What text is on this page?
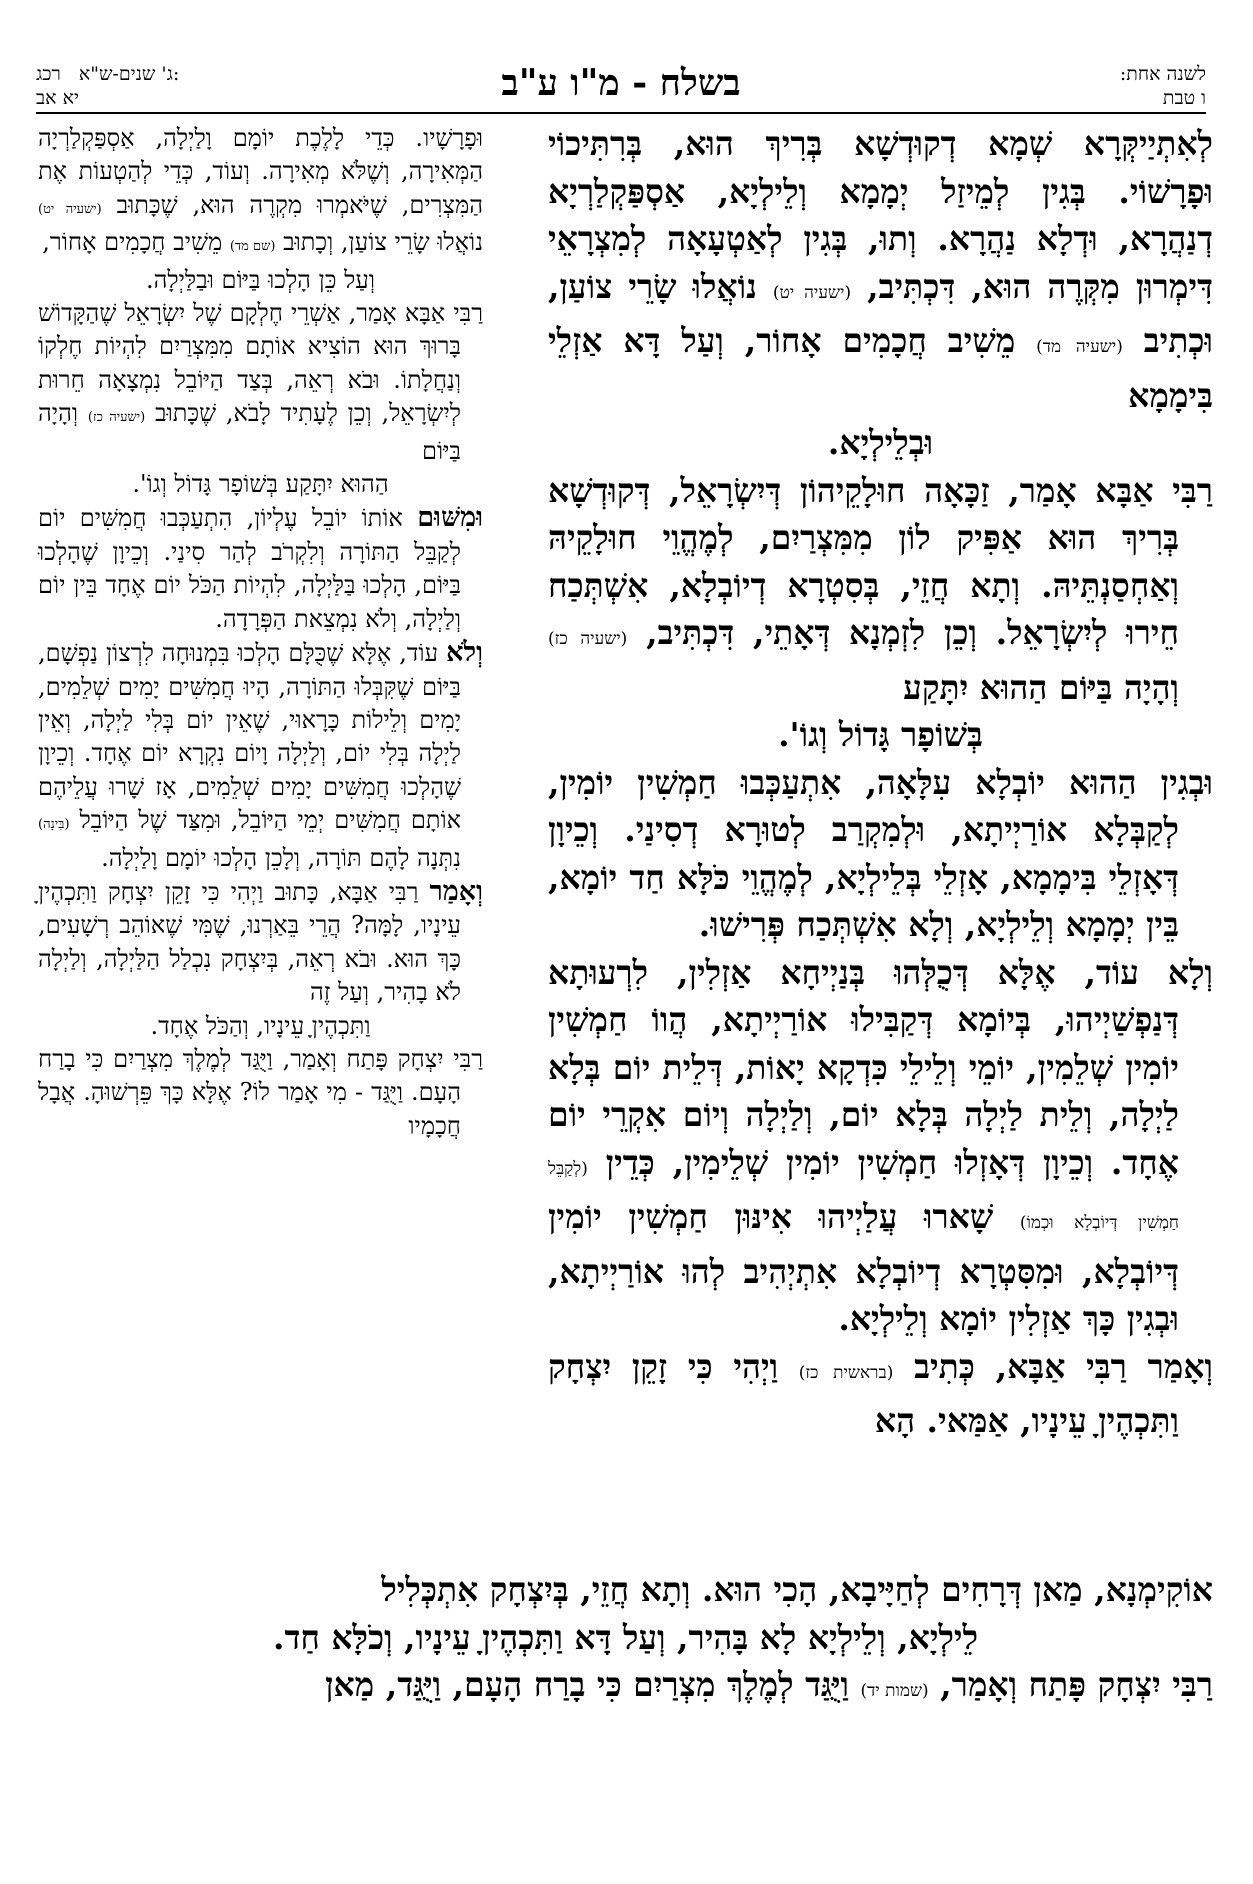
לשנה אחת:
ו טבת
בשלח - מ"ו ע"ב
רכג ג' שנים-ש"א:
יא אב

לְאִתְיַיקְּרָא שְׁמָא דְקוּדְשָׁא בְּרִיךְ הוּא, בְּרִתִּיכוֹי וּפָרָשׁוֹי. בְּגִין לְמֵיזַל יְמָמָא וְלֵילְיָא, אַסְפַּקְלַרְיָא דְנַהֲרָא, וּדְלָא נַהֲרָא. וְתוּ, בְּגִין לְאַטְעָאָה לְמִצְרָאֵי דִּימְרוּן מִקְּרֶה הוּא, דִּכְתִּיב, (ישעיה יט) נוֹאֲלוּ שָׂרֵי צוֹעַן, וּכְתִיב (ישעיה מד) מֵשִׁיב חֲכָמִים אָחוֹר, וְעַל דָּא אַזְלֵי בִּימָמָא

וּבְלֵילְיָא.

רַבִּי אַבָּא אָמַר, זַכָּאָה חוּלָקֵיהוֹן דְּיִשְׂרָאֵל, דְּקוּדְשָׁא בְּרִיךְ הוּא אַפִּיק לוֹן מִמִּצְרַיִם, לְמֶהֱוֵי חוּלָקֵיהּ וְאַחְסַנְתֵּיהּ. וְתָא חֲזֵי, בְּסִטְרָא דְיוֹבְלָא, אִשְׁתְּכַח חֵירוּ לְיִשְׂרָאֵל. וְכֵן לִזְמְנָא דְּאָתֵי, דִּכְתִּיב, (ישעיה כז) וְהָיָה בַּיּוֹם הַהוּא יִתָּקַע

בְּשׁוֹפָר גָּדוֹל וְגוֹ'.

וּבְגִין הַהוּא יוֹבְלָא עִלָּאָה, אִתְעַכְּבוּ חַמְשִׁין יוֹמִין, לְקַבְּלָא אוֹרַיְיתָא, וּלְמִקְרַב לְטוּרָא דְסִינַי. וְכֵיוָן דְּאָזְלֵי בִּימָמָא, אָזְלֵי בְּלֵילְיָא, לְמֶהֱוֵי כֹּלָּא חַד יוֹמָא, בֵּין יְמָמָא וְלֵילְיָא, וְלָא אִשְׁתְּכַח פְּרִישׁוּ.

וְלָא עוֹד, אֶלָּא דְּכֻלְּהוּ בְּנַיְיחָא אַזְלִין, לִרְעוּתָא דְּנַפְשַׁיְיהוּ, בְּיוֹמָא דְּקַבִּילוּ אוֹרַיְיתָא, הֲווֹ חַמְשִׁין יוֹמִין שְׁלֵמִין, יוֹמֵי וְלֵילֵי כִּדְקָא יָאוֹת, דְּלֵית יוֹם בְּלָא לַיְלָה, וְלֵית לַיְלָה בְּלָא יוֹם, וְלַיְלָה וְיוֹם אִקְרֵי יוֹם אֶחָד. וְכֵיוָן דְּאָזְלוּ חַמְשִׁין יוֹמִין שְׁלֵימִין, כְּדֵין (לְקַבֵּל חַמְשִׁין דְּיוֹבְלָא וּכְמוֹ) שָׁארוּ עֲלַיְיהוּ אִינּוּן חַמְשִׁין יוֹמִין דְּיוֹבְלָא, וּמִסִּטְרָא דְיוֹבְלָא אִתְיְהִיב לְהוּ אוֹרַיְיתָא, וּבְגִין כָּךְ אַזְלִין יוֹמָא וְלֵילְיָא.

וְאָמַר רַבִּי אַבָּא, כְּתִיב (בראשית כז) וַיְהִי כִּי זָקֵן יִצְחָק וַתִּכְהֶיןָ עֵינָיו, אַמַּאי. הָא

וּפָרָשָׁיו. כְּדֵי לָלֶכֶת יוֹמָם וָלַיְלָה, אַסְפַּקְלַרְיָה הַמְּאִירָה, וְשֶׁלֹּא מְאִירָה. וְעוֹד, כְּדֵי לְהַטְעוֹת אֶת הַמִּצְרִים, שֶׁיֹּאמְרוּ מִקְרֶה הוּא, שֶׁכָּתוּב (ישעיה יט) נוֹאֲלוּ שָׂרֵי צוֹעַן, וְכָתוּב (שם מד) מֵשִׁיב חֲכָמִים אָחוֹר,

וְעַל כֵּן הָלְכוּ בַּיּוֹם וּבַלַּיְלָה.

רַבִּי אַבָּא אָמַר, אַשְׁרֵי חֶלְקָם שֶׁל יִשְׂרָאֵל שֶׁהַקָּדוֹשׁ בָּרוּךְ הוּא הוֹצִיא אוֹתָם מִמִּצְרַיִם לִהְיוֹת חֶלְקוֹ וְנַחֲלָתוֹ. וּבֹא רְאֵה, בְּצַד הַיּוֹבֵל נִמְצָאָה חֵרוּת לְיִשְׂרָאֵל, וְכֵן לֶעָתִיד לָבֹא, שֶׁכָּתוּב (ישעיה כז) וְהָיָה בַּיּוֹם

הַהוּא יִתָּקַע בְּשׁוֹפָר גָּדוֹל וְגוֹ'.

וּמִשּׁוּם אוֹתוֹ יוֹבֵל עֶלְיוֹן, הִתְעַכְּבוּ חֲמִשִּׁים יוֹם לְקַבֵּל הַתּוֹרָה וְלִקְרֹב לְהַר סִינַי. וְכֵיוָן שֶׁהָלְכוּ בַּיּוֹם, הָלְכוּ בַּלַּיְלָה, לִהְיוֹת הַכֹּל יוֹם אֶחָד בֵּין יוֹם וְלַיְלָה, וְלֹא נִמְצֵאת הַפְּרָדָה.

וְלֹא עוֹד, אֶלָּא שֶׁכֻּלָּם הָלְכוּ בִּמְנוּחָה לִרְצוֹן נַפְשָׁם, בַּיּוֹם שֶׁקִּבְּלוּ הַתּוֹרָה, הָיוּ חֲמִשִּׁים יָמִים שְׁלֵמִים, יָמִים וְלֵילוֹת כָּרָאוּי, שֶׁאֵין יוֹם בְּלִי לַיְלָה, וְאֵין לַיְלָה בְּלִי יוֹם, וְלַיְלָה וָיוֹם נִקְרָא יוֹם אֶחָד. וְכֵיוָן שֶׁהָלְכוּ חֲמִשִּׁים יָמִים שְׁלֵמִים, אָז שָׁרוּ עֲלֵיהֶם אוֹתָם חֲמִשִּׁים יְמֵי הַיּוֹבֵל, וּמִצַּד שֶׁל הַיּוֹבֵל (בִּינָה) נִתְּנָה לָהֶם תּוֹרָה, וְלָכֵן הָלְכוּ יוֹמָם וָלַיְלָה.

וְאָמַר רַבִּי אַבָּא, כָּתוּב וַיְהִי כִּי זָקֵן יִצְחָק וַתִּכְהֶיןָ עֵינָיו, לָמָּה? הֲרֵי בֵּאַרְנוּ, שֶׁמִּי שֶׁאוֹהֵב רְשָׁעִים, כָּךְ הוּא. וּבֹא רְאֵה, בְּיִצְחָק נִכְלַל הַלַּיְלָה, וְלַיְלָה לֹא בָהִיר, וְעַל זֶה

וַתִּכְהֶיןָ עֵינָיו, וְהַכֹּל אֶחָד.

רַבִּי יִצְחָק פָּתַח וְאָמַר, וַיֻּגַּד לְמֶלֶךְ מִצְרַיִם כִּי בָרַח הָעָם. וַיֻּגַּד - מִי אָמַר לוֹ? אֶלָּא כָּךְ פֵּרְשׁוּהָ. אֲבָל חֲכָמָיו

אוֹקִימְנָא, מַאן דְּרָחִים לְחַיָּיבָא, הָכִי הוּא. וְתָא חֲזֵי, בְּיִצְחָק אִתְכְּלִיל

לֵילְיָא, וְלֵילְיָא לָא בָּהִיר, וְעַל דָּא וַתִּכְהֶיןָ עֵינָיו, וְכֹלָּא חַד.

רַבִּי יִצְחָק פָּתַח וְאָמַר, (שמות יד) וַיֻּגַּד לְמֶלֶךְ מִצְרַיִם כִּי בָרַח הָעָם, וַיֻּגַּד, מַאן
